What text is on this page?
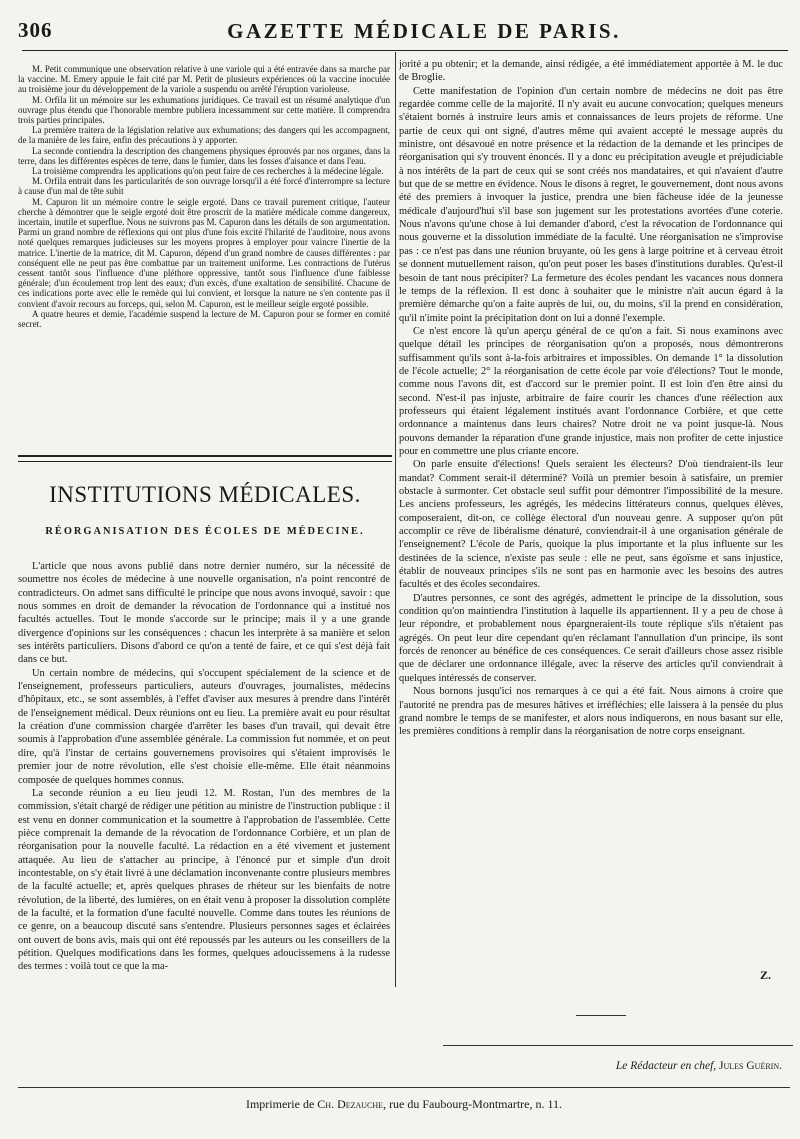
306	GAZETTE MÉDICALE DE PARIS.

M. Petit communique une observation relative à une variole qui a été entravée dans sa marche par la vaccine. M. Emery appuie le fait cité par M. Petit de plusieurs expériences où la vaccine inoculée au troisième jour du développement de la variole a suspendu ou arrêté l'éruption varioleuse.

M. Orfila lit un mémoire sur les exhumations juridiques. Ce travail est un résumé analytique d'un ouvrage plus étendu que l'honorable membre publiera incessamment sur cette matière. Il comprendra trois parties principales.

La première traitera de la législation relative aux exhumations; des dangers qui les accompagnent, de la manière de les faire, enfin des précautions à y apporter.

La seconde contiendra la description des changemens physiques éprouvés par nos organes, dans la terre, dans les différentes espèces de terre, dans le fumier, dans les fosses d'aisance et dans l'eau.

La troisième comprendra les applications qu'on peut faire de ces recherches à la médecine légale.

M. Orfila entrait dans les particularités de son ouvrage lorsqu'il a été forcé d'interrompre sa lecture à cause d'un mal de tête subit

M. Capuron lit un mémoire contre le seigle ergoté. Dans ce travail purement critique, l'auteur cherche à démontrer que le seigle ergoté doit être proscrit de la matière médicale comme dangereux, incertain, inutile et superflue. Nous ne suivrons pas M. Capuron dans les détails de son argumentation. Parmi un grand nombre de réflexions qui ont plus d'une fois excité l'hilarité de l'auditoire, nous avons noté quelques remarques judicieuses sur les moyens propres à employer pour vaincre l'inertie de la matrice. L'inertie de la matrice, dit M. Capuron, dépend d'un grand nombre de causes différentes : par conséquent elle ne peut pas être combattue par un traitement uniforme. Les contractions de l'utérus cessent tantôt sous l'influence d'une pléthore oppressive, tantôt sous l'influence d'une faiblesse générale; d'un écoulement trop lent des eaux; d'un excès, d'une exaltation de sensibilité. Chacune de ces indications porte avec elle le remède qui lui convient, et lorsque la nature ne s'en contente pas il convient d'avoir recours au forceps, qui, selon M. Capuron, est le meilleur seigle ergoté possible.

A quatre heures et demie, l'académie suspend la lecture de M. Capuron pour se former en comité secret.

INSTITUTIONS MÉDICALES.
RÉORGANISATION DES ÉCOLES DE MÉDECINE.

L'article que nous avons publié dans notre dernier numéro, sur la nécessité de soumettre nos écoles de médecine à une nouvelle organisation, n'a point rencontré de contradicteurs. On admet sans difficulté le principe que nous avons invoqué, savoir : que nous sommes en droit de demander la révocation de l'ordonnance qui a institué nos facultés actuelles. Tout le monde s'accorde sur le principe; mais il y a une grande divergence d'opinions sur les conséquences : chacun les interprète à sa manière et selon ses intérêts particuliers. Disons d'abord ce qu'on a tenté de faire, et ce qui s'est déjà fait dans ce but.

Un certain nombre de médecins, qui s'occupent spécialement de la science et de l'enseignement, professeurs particuliers, auteurs d'ouvrages, journalistes, médecins d'hôpitaux, etc., se sont assemblés, à l'effet d'aviser aux mesures à prendre dans l'intérêt de l'enseignement médical. Deux réunions ont eu lieu. La première avait eu pour résultat la création d'une commission chargée d'arrêter les bases d'un travail, qui devait être soumis à l'approbation d'une assemblée générale. La commission fut nommée, et on peut dire, qu'à l'instar de certains gouvernemens provisoires qui s'étaient improvisés le premier jour de notre révolution, elle s'est choisie elle-même. Elle était néanmoins composée de quelques hommes connus.

La seconde réunion a eu lieu jeudi 12. M. Rostan, l'un des membres de la commission, s'était chargé de rédiger une pétition au ministre de l'instruction publique : il est venu en donner communication et la soumettre à l'approbation de l'assemblée. Cette pièce comprenait la demande de la révocation de l'ordonnance Corbière, et un plan de réorganisation pour la nouvelle faculté. La rédaction en a été vivement et justement attaquée. Au lieu de s'attacher au principe, à l'énoncé pur et simple d'un droit incontestable, on s'y était livré à une déclamation inconvenante contre plusieurs membres de la faculté actuelle; et, après quelques phrases de rhéteur sur les bienfaits de notre révolution, de la liberté, des lumières, on en était venu à proposer la dissolution complète de la faculté, et la formation d'une faculté nouvelle. Comme dans toutes les réunions de ce genre, on a beaucoup discuté sans s'entendre. Plusieurs personnes sages et éclairées ont ouvert de bons avis, mais qui ont été repoussés par les auteurs ou les conseillers de la pétition. Quelques modifications dans les formes, quelques adoucissemens à la rudesse des termes : voilà tout ce que la ma-

jorité a pu obtenir; et la demande, ainsi rédigée, a été immédiatement apportée à M. le duc de Broglie.

Cette manifestation de l'opinion d'un certain nombre de médecins ne doit pas être regardée comme celle de la majorité. Il n'y avait eu aucune convocation; quelques meneurs s'étaient bornés à instruire leurs amis et connaissances de leurs projets de réforme. Une partie de ceux qui ont signé, d'autres même qui avaient accepté le message auprès du ministre, ont désavoué en notre présence et la rédaction de la demande et les principes de réorganisation qui s'y trouvent énoncés. Il y a donc eu précipitation aveugle et préjudiciable à nos intérêts de la part de ceux qui se sont créés nos mandataires, et qui n'avaient d'autre but que de se mettre en évidence. Nous le disons à regret, le gouvernement, dont nous avons été des premiers à invoquer la justice, prendra une bien fâcheuse idée de la jeunesse médicale d'aujourd'hui s'il base son jugement sur les protestations avortées d'une coterie. Nous n'avons qu'une chose à lui demander d'abord, c'est la révocation de l'ordonnance qui nous gouverne et la dissolution immédiate de la faculté. Une réorganisation ne s'improvise pas : ce n'est pas dans une réunion bruyante, où les gens à large poitrine et à cerveau étroit se donnent mutuellement raison, qu'on peut poser les bases d'institutions durables. Qu'est-il besoin de tant nous précipiter? La fermeture des écoles pendant les vacances nous donnera le temps de la réflexion. Il est donc à souhaiter que le ministre n'ait aucun égard à la première démarche qu'on a faite auprès de lui, ou, du moins, s'il la prend en considération, qu'il n'imite point la précipitation dont on lui a donné l'exemple.

Ce n'est encore là qu'un aperçu général de ce qu'on a fait. Si nous examinons avec quelque détail les principes de réorganisation qu'on a proposés, nous démontrerons suffisamment qu'ils sont à-la-fois arbitraires et impossibles. On demande 1° la dissolution de l'école actuelle; 2° la réorganisation de cette école par voie d'élections? Tout le monde, comme nous l'avons dit, est d'accord sur le premier point. Il est loin d'en être ainsi du second. N'est-il pas injuste, arbitraire de faire courir les chances d'une réélection aux professeurs qui étaient légalement institués avant l'ordonnance Corbière, et que cette ordonnance a maintenus dans leurs chaires? Notre droit ne va point jusque-là. Nous pouvons demander la réparation d'une grande injustice, mais non profiter de cette injustice pour en commettre une plus criante encore.

On parle ensuite d'élections! Quels seraient les électeurs? D'où tiendraient-ils leur mandat? Comment serait-il déterminé? Voilà un premier besoin à satisfaire, un premier obstacle à surmonter. Cet obstacle seul suffit pour démontrer l'impossibilité de la mesure. Les anciens professeurs, les agrégés, les médecins littérateurs connus, quelques élèves, composeraient, dit-on, ce collège électoral d'un nouveau genre. A supposer qu'on pût accomplir ce rêve de libéralisme dénaturé, conviendrait-il à une organisation générale de l'enseignement? L'école de Paris, quoique la plus importante et la plus influente sur les destinées de la science, n'existe pas seule : elle ne peut, sans égoïsme et sans injustice, établir de nouveaux principes s'ils ne sont pas en harmonie avec les besoins des autres facultés et des écoles secondaires.

D'autres personnes, ce sont des agrégés, admettent le principe de la dissolution, sous condition qu'on maintiendra l'institution à laquelle ils appartiennent. Il y a peu de chose à leur répondre, et probablement nous épargneraient-ils toute réplique s'ils n'étaient pas agrégés. On peut leur dire cependant qu'en réclamant l'annullation d'un principe, ils sont forcés de renoncer au bénéfice de ces conséquences. Ce serait d'ailleurs chose assez risible que de déclarer une ordonnance illégale, avec la réserve des articles qu'il conviendrait à quelques intéressés de conserver.

Nous bornons jusqu'ici nos remarques à ce qui a été fait. Nous aimons à croire que l'autorité ne prendra pas de mesures hâtives et irréfléchies; elle laissera à la pensée du plus grand nombre le temps de se manifester, et alors nous indiquerons, en nous basant sur elle, les premières conditions à remplir dans la réorganisation de notre corps enseignant.

Z.
Le Rédacteur en chef, Jules Guérin.
Imprimerie de Ch. Dezauche, rue du Faubourg-Montmartre, n. 11.
